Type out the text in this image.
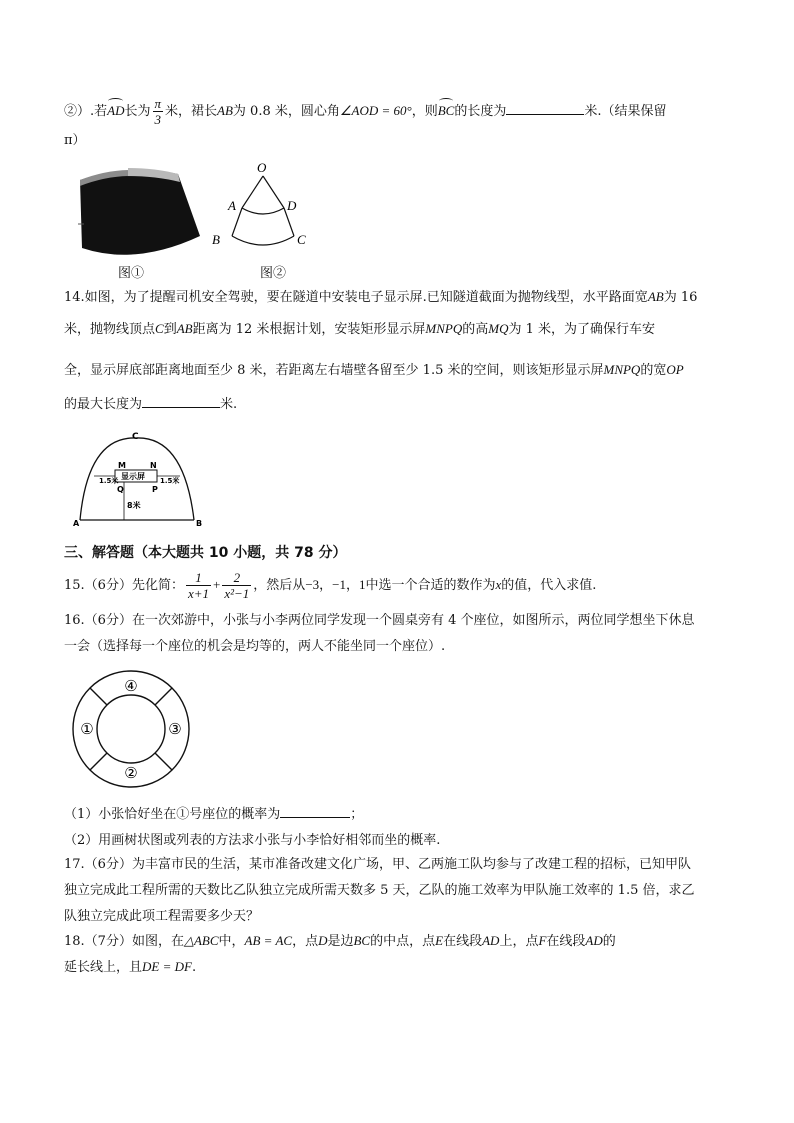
②）.若AD长为 $\frac{\pi}{3}$ 米，裙长AB为 0.8 米，圆心角∠AOD = 60°，则BC的长度为	米.（结果保留
π）
O
A	D
B	C
图①	图②
14.如图，为了提醒司机安全驾驶，要在隧道中安装电子显示屏.已知隧道截面为抛物线型，水平路面宽AB为 16
米，抛物线顶点C到AB距离为 12 米根据计划，安装矩形显示屏MNPQ的高MQ为 1 米，为了确保行车安
全，显示屏底部距离地面至少 8 米，若距离左右墙壁各留至少 1.5 米的空间，则该矩形显示屏MNPQ的宽OP
的最大长度为	米.
C
M	N
显示屏
1.5米	1.5米
Q	P
8米
A	B
三、解答题（本大题共 10 小题，共 78 分）
15.（6分）先化简： $\frac{1}{x+1} + \frac{2}{\text{x²−1}}$ ，然后从−3，−1，1中选一个合适的数作为x的值，代入求值.
16.（6分）在一次郊游中，小张与小李两位同学发现一个圆桌旁有 4 个座位，如图所示，两位同学想坐下休息
一会（选择每一个座位的机会是均等的，两人不能坐同一个座位）.
④
①	③
②
（1）小张恰好坐在①号座位的概率为	；
（2）用画树状图或列表的方法求小张与小李恰好相邻而坐的概率.
17.（6分）为丰富市民的生活，某市准备改建文化广场，甲、乙两施工队均参与了改建工程的招标，已知甲队
独立完成此工程所需的天数比乙队独立完成所需天数多 5 天，乙队的施工效率为甲队施工效率的 1.5 倍，求乙
队独立完成此项工程需要多少天？
18.（7分）如图，在△ABC中，AB = AC，点D是边BC的中点，点E在线段AD上，点F在线段AD的
延长线上，且DE = DF.
